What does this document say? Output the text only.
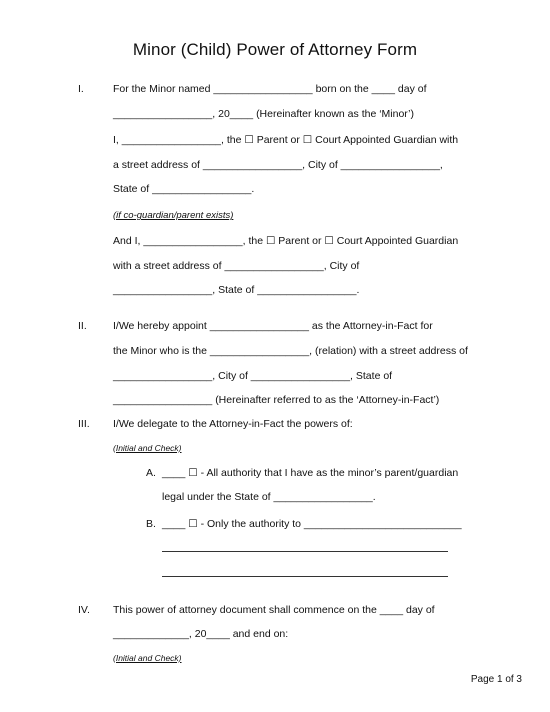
Minor (Child) Power of Attorney Form
I.	For the Minor named _________________ born on the ____ day of
_________________, 20____ (Hereinafter known as the ‘Minor’)
I, _________________, the ☐ Parent or ☐ Court Appointed Guardian with
a street address of _________________, City of _________________,
State of _________________.
(if co-guardian/parent exists)
And I, _________________, the ☐ Parent or ☐ Court Appointed Guardian
with a street address of _________________, City of
_________________, State of _________________.
II. I/We hereby appoint _________________ as the Attorney-in-Fact for
the Minor who is the _________________, (relation) with a street address of
_________________, City of _________________, State of
_________________ (Hereinafter referred to as the ‘Attorney-in-Fact’)
III. I/We delegate to the Attorney-in-Fact the powers of:
(Initial and Check)
A. ____ ☐ - All authority that I have as the minor’s parent/guardian
legal under the State of _________________.
B. ____ ☐ - Only the authority to ___________________________
IV. This power of attorney document shall commence on the ____ day of
_____________, 20____ and end on:
(Initial and Check)
Page 1 of 3
